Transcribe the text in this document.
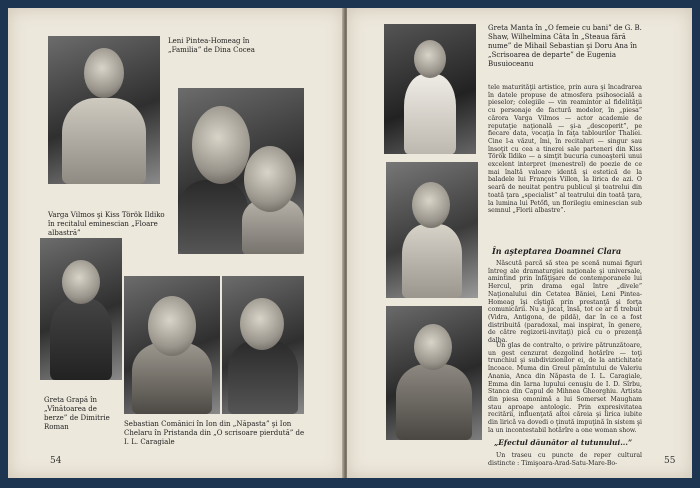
Leni Pintea-Homeag în „Familia” de Dina Cocea
Varga Vilmos şi Kiss Török Ildiko în recitalul eminescian „Floare albastră”
Greta Grapă în „Vînătoarea de berze” de Dimitrie Roman	Sebastian Comănici în Ion din „Năpasta” şi Ion Chelaru în Pristanda din „O scrisoare pierdută” de I. L. Caragiale
54
Greta Manta în „O femeie cu bani” de G. B. Shaw, Wilhelmina Câta în „Steaua fără nume” de Mihail Sebastian şi Doru Ana în „Scrisoarea de departe” de Eugenia Busuioceanu

tele maturităţii artistice, prin aura şi încadrarea în datele propuse de atmosfera psihosocială a pieselor; colegiile — vin reamintor al fidelităţii cu personaje de factură modelor, în „piesa” cărora Varga Vilmos — actor academie de reputaţie naţională — şi-a „descoperit”, pe fiecare data, vocaţia în faţa tablourilor Thaliei. Cine l-a văzut, îmi, în recitaluri — singur sau însoţit cu cea a tinerei sale parteneri din Kiss Török Ildiko — a simţit bucuria cunoaşterii unui excelent interpret (menestrel) de poezie de ce mai înaltă valoare identă şi estetică de la baladele lui François Villon, la lirica de azi. O seară de neuitat pentru publicul şi teatrelui din toată ţara „specialist” al teatrului din toată ţara, la lumina lui Petőfi, un florilegiu eminescian sub semnul „Florii albastre”.

În aşteptarea Doamnei Clara

Născută parcă să stea pe scenă numai figuri întreg ale dramaturgiei naţionale şi universale, amintind prin înfăţişare de contemporanele lui Hercul, prin drama egal între „divele” Naţionalului din Cetatea Băniei, Leni Pintea-Homeag îşi cîştigă prin prestanţă şi forţa comunicării. Nu a jucat, însă, tot ce ar fi trebuit (Vidra, Antigona, de pildă), dar în ce a fost distribuită (paradoxal, mai inspirat, în genere, de către regizorii-invitaţi) pică cu o prezenţă dalba.

Un glas de contralto, o privire pătrunzătoare, un gest cenzurat dezgolind hotărîre — toţi trunchiul şi subdivizionilor ei, de la antichitate încoace. Muma din Greul pămîntului de Valeriu Anania, Anca din Năpasta de I. L. Caragiale, Emma din Iarna lupului cenuşiu de I. D. Sîrbu, Stanca din Capul de Mihnea Gheorghiu. Artista din piesa omonimă a lui Somerset Maugham stau aproape antologic. Prin expresivitatea recitării, influenţată altoi căreia şi lirica iubite din lirică va dovedi o ţinută impuţină în sistem şi la un incontestabil hotărîre a one woman show.

„Efectul dăunător al tutunului...”

Un traseu cu puncte de reper cultural distincte : Timişoara-Arad-Satu-Mare-Bo-	55
